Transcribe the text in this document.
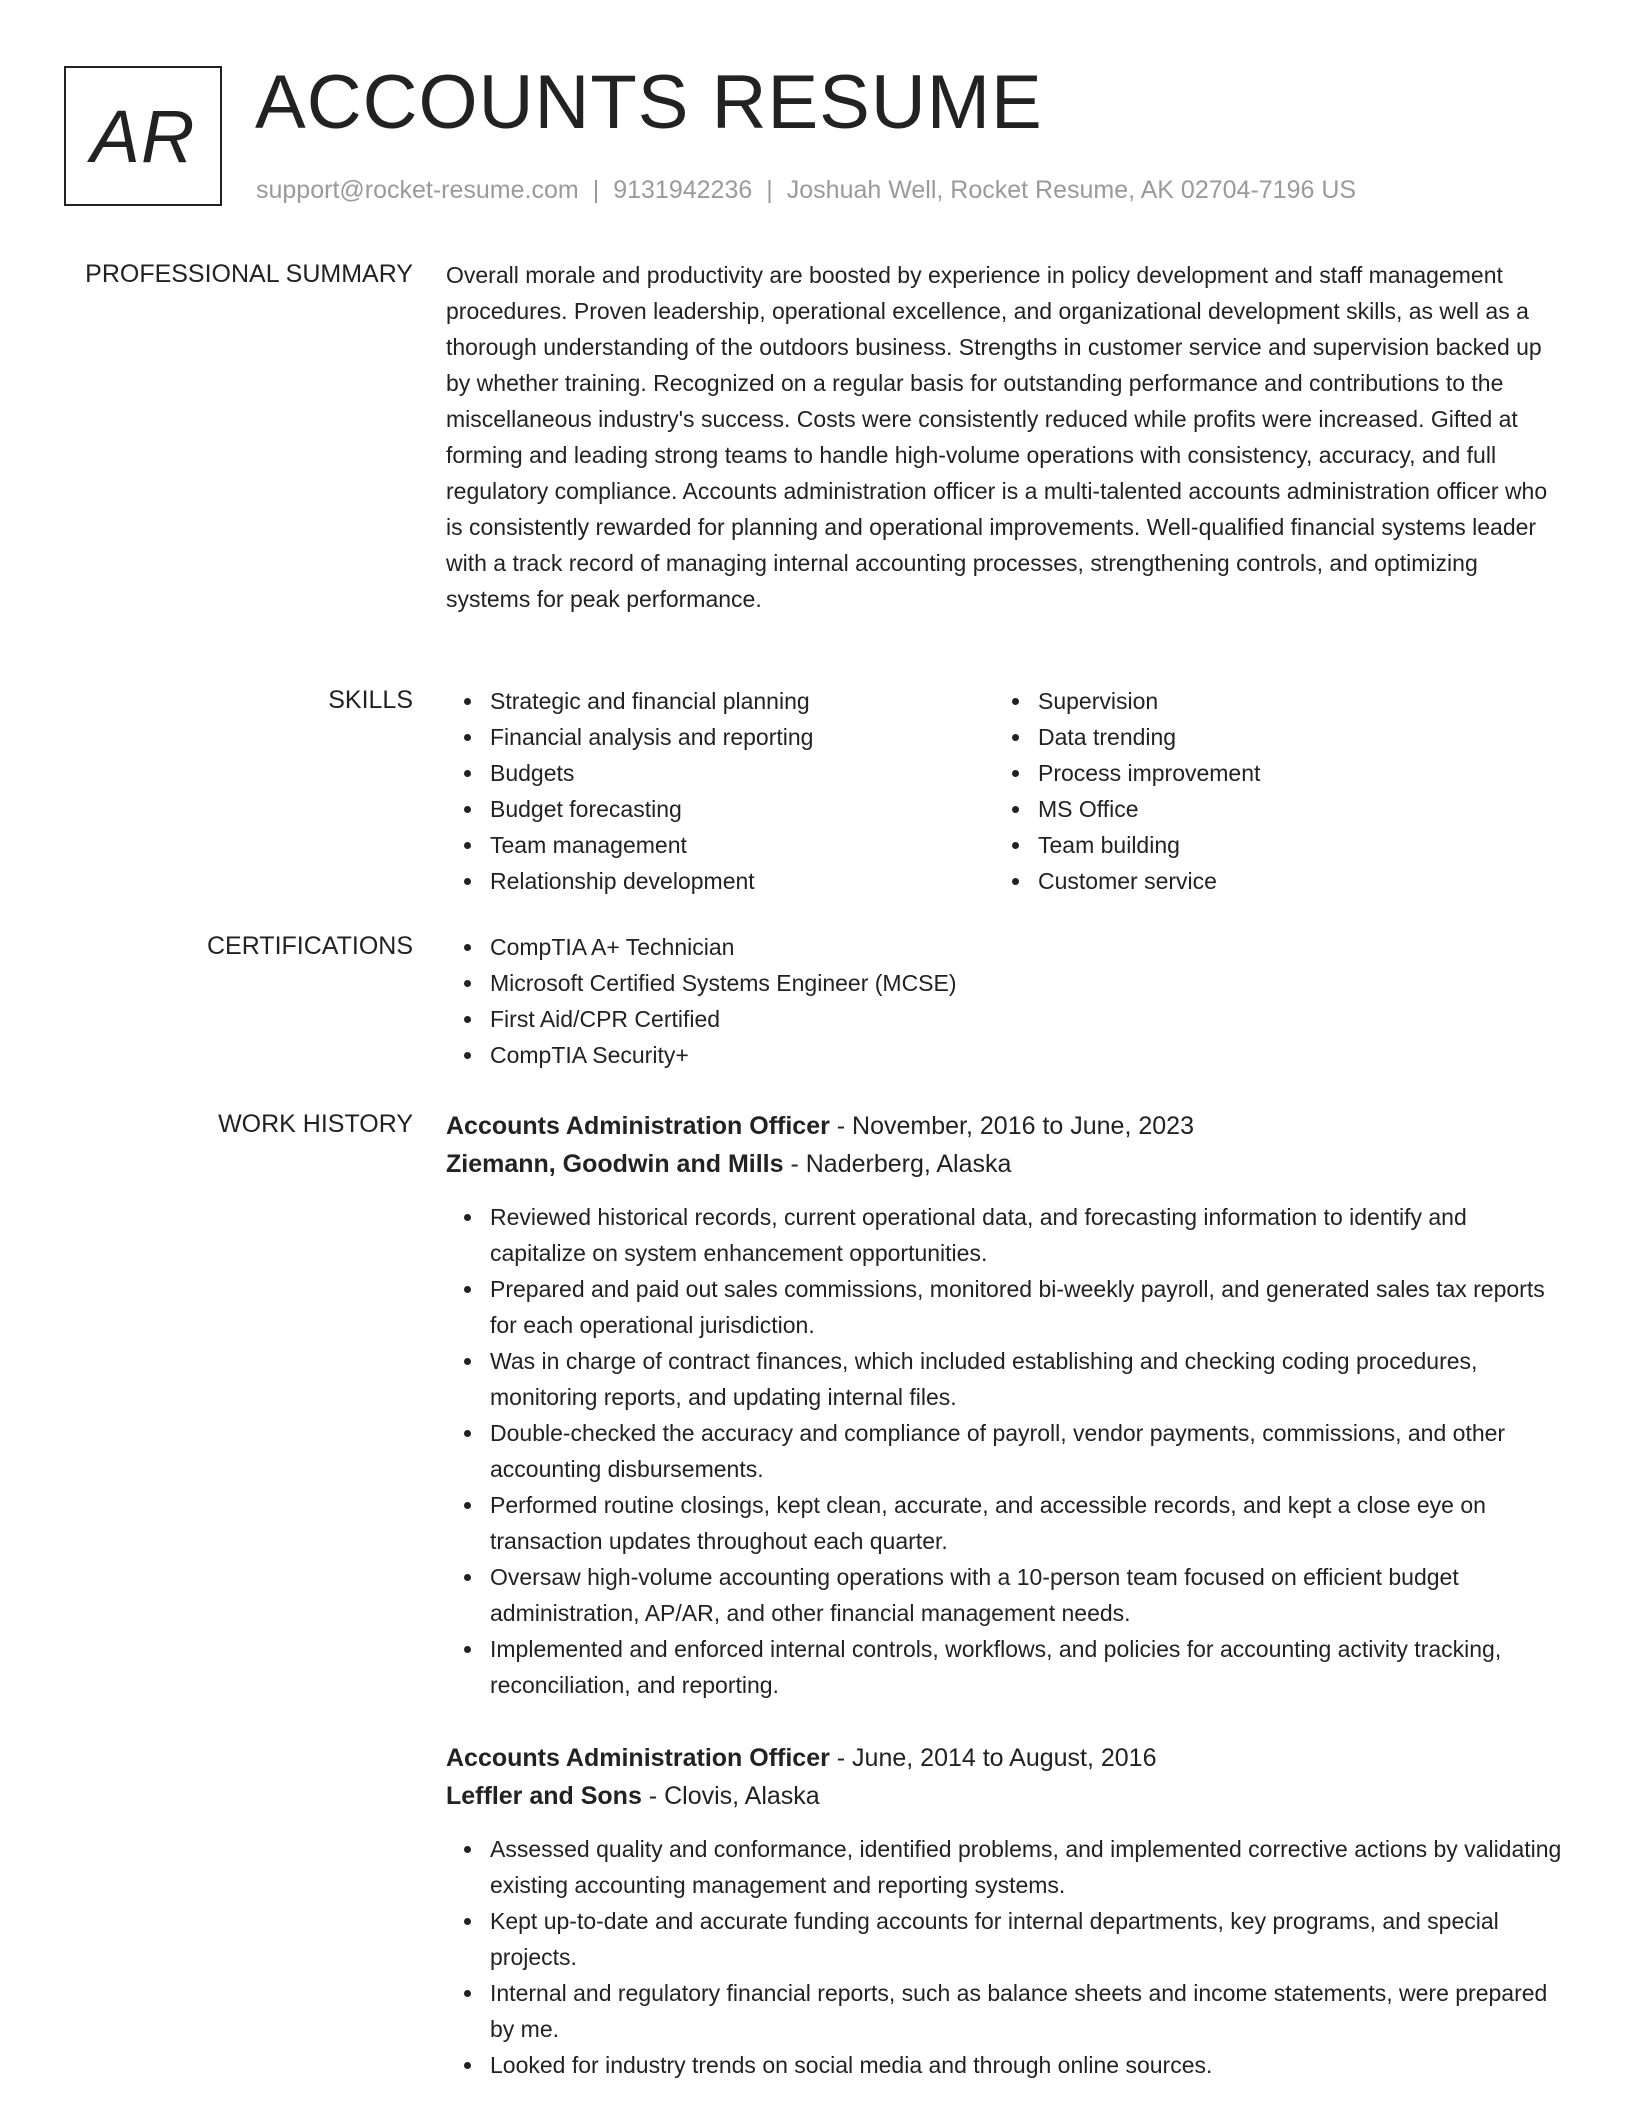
AR ACCOUNTS RESUME
support@rocket-resume.com | 9131942236 | Joshuah Well, Rocket Resume, AK 02704-7196 US
PROFESSIONAL SUMMARY Overall morale and productivity are boosted by experience in policy development and staff management procedures. Proven leadership, operational excellence, and organizational development skills, as well as a thorough understanding of the outdoors business. Strengths in customer service and supervision backed up by whether training. Recognized on a regular basis for outstanding performance and contributions to the miscellaneous industry's success. Costs were consistently reduced while profits were increased. Gifted at forming and leading strong teams to handle high-volume operations with consistency, accuracy, and full regulatory compliance. Accounts administration officer is a multi-talented accounts administration officer who is consistently rewarded for planning and operational improvements. Well-qualified financial systems leader with a track record of managing internal accounting processes, strengthening controls, and optimizing systems for peak performance.

SKILLS	Strategic and financial planning
Financial analysis and reporting
Budgets
Budget forecasting
Team management
Relationship development
Supervision
Data trending
Process improvement
MS Office
Team building
Customer service
CERTIFICATIONS	CompTIA A+ Technician
Microsoft Certified Systems Engineer (MCSE)
First Aid/CPR Certified
CompTIA Security+
WORK HISTORY Accounts Administration Officer - November, 2016 to June, 2023
Ziemann, Goodwin and Mills - Naderberg, Alaska
Reviewed historical records, current operational data, and forecasting information to identify and capitalize on system enhancement opportunities.
Prepared and paid out sales commissions, monitored bi-weekly payroll, and generated sales tax reports for each operational jurisdiction.
Was in charge of contract finances, which included establishing and checking coding procedures, monitoring reports, and updating internal files.
Double-checked the accuracy and compliance of payroll, vendor payments, commissions, and other accounting disbursements.
Performed routine closings, kept clean, accurate, and accessible records, and kept a close eye on transaction updates throughout each quarter.
Oversaw high-volume accounting operations with a 10-person team focused on efficient budget administration, AP/AR, and other financial management needs.
Implemented and enforced internal controls, workflows, and policies for accounting activity tracking, reconciliation, and reporting.
Accounts Administration Officer - June, 2014 to August, 2016
Leffler and Sons - Clovis, Alaska
Assessed quality and conformance, identified problems, and implemented corrective actions by validating existing accounting management and reporting systems.
Kept up-to-date and accurate funding accounts for internal departments, key programs, and special projects.
Internal and regulatory financial reports, such as balance sheets and income statements, were prepared by me.
Looked for industry trends on social media and through online sources.
